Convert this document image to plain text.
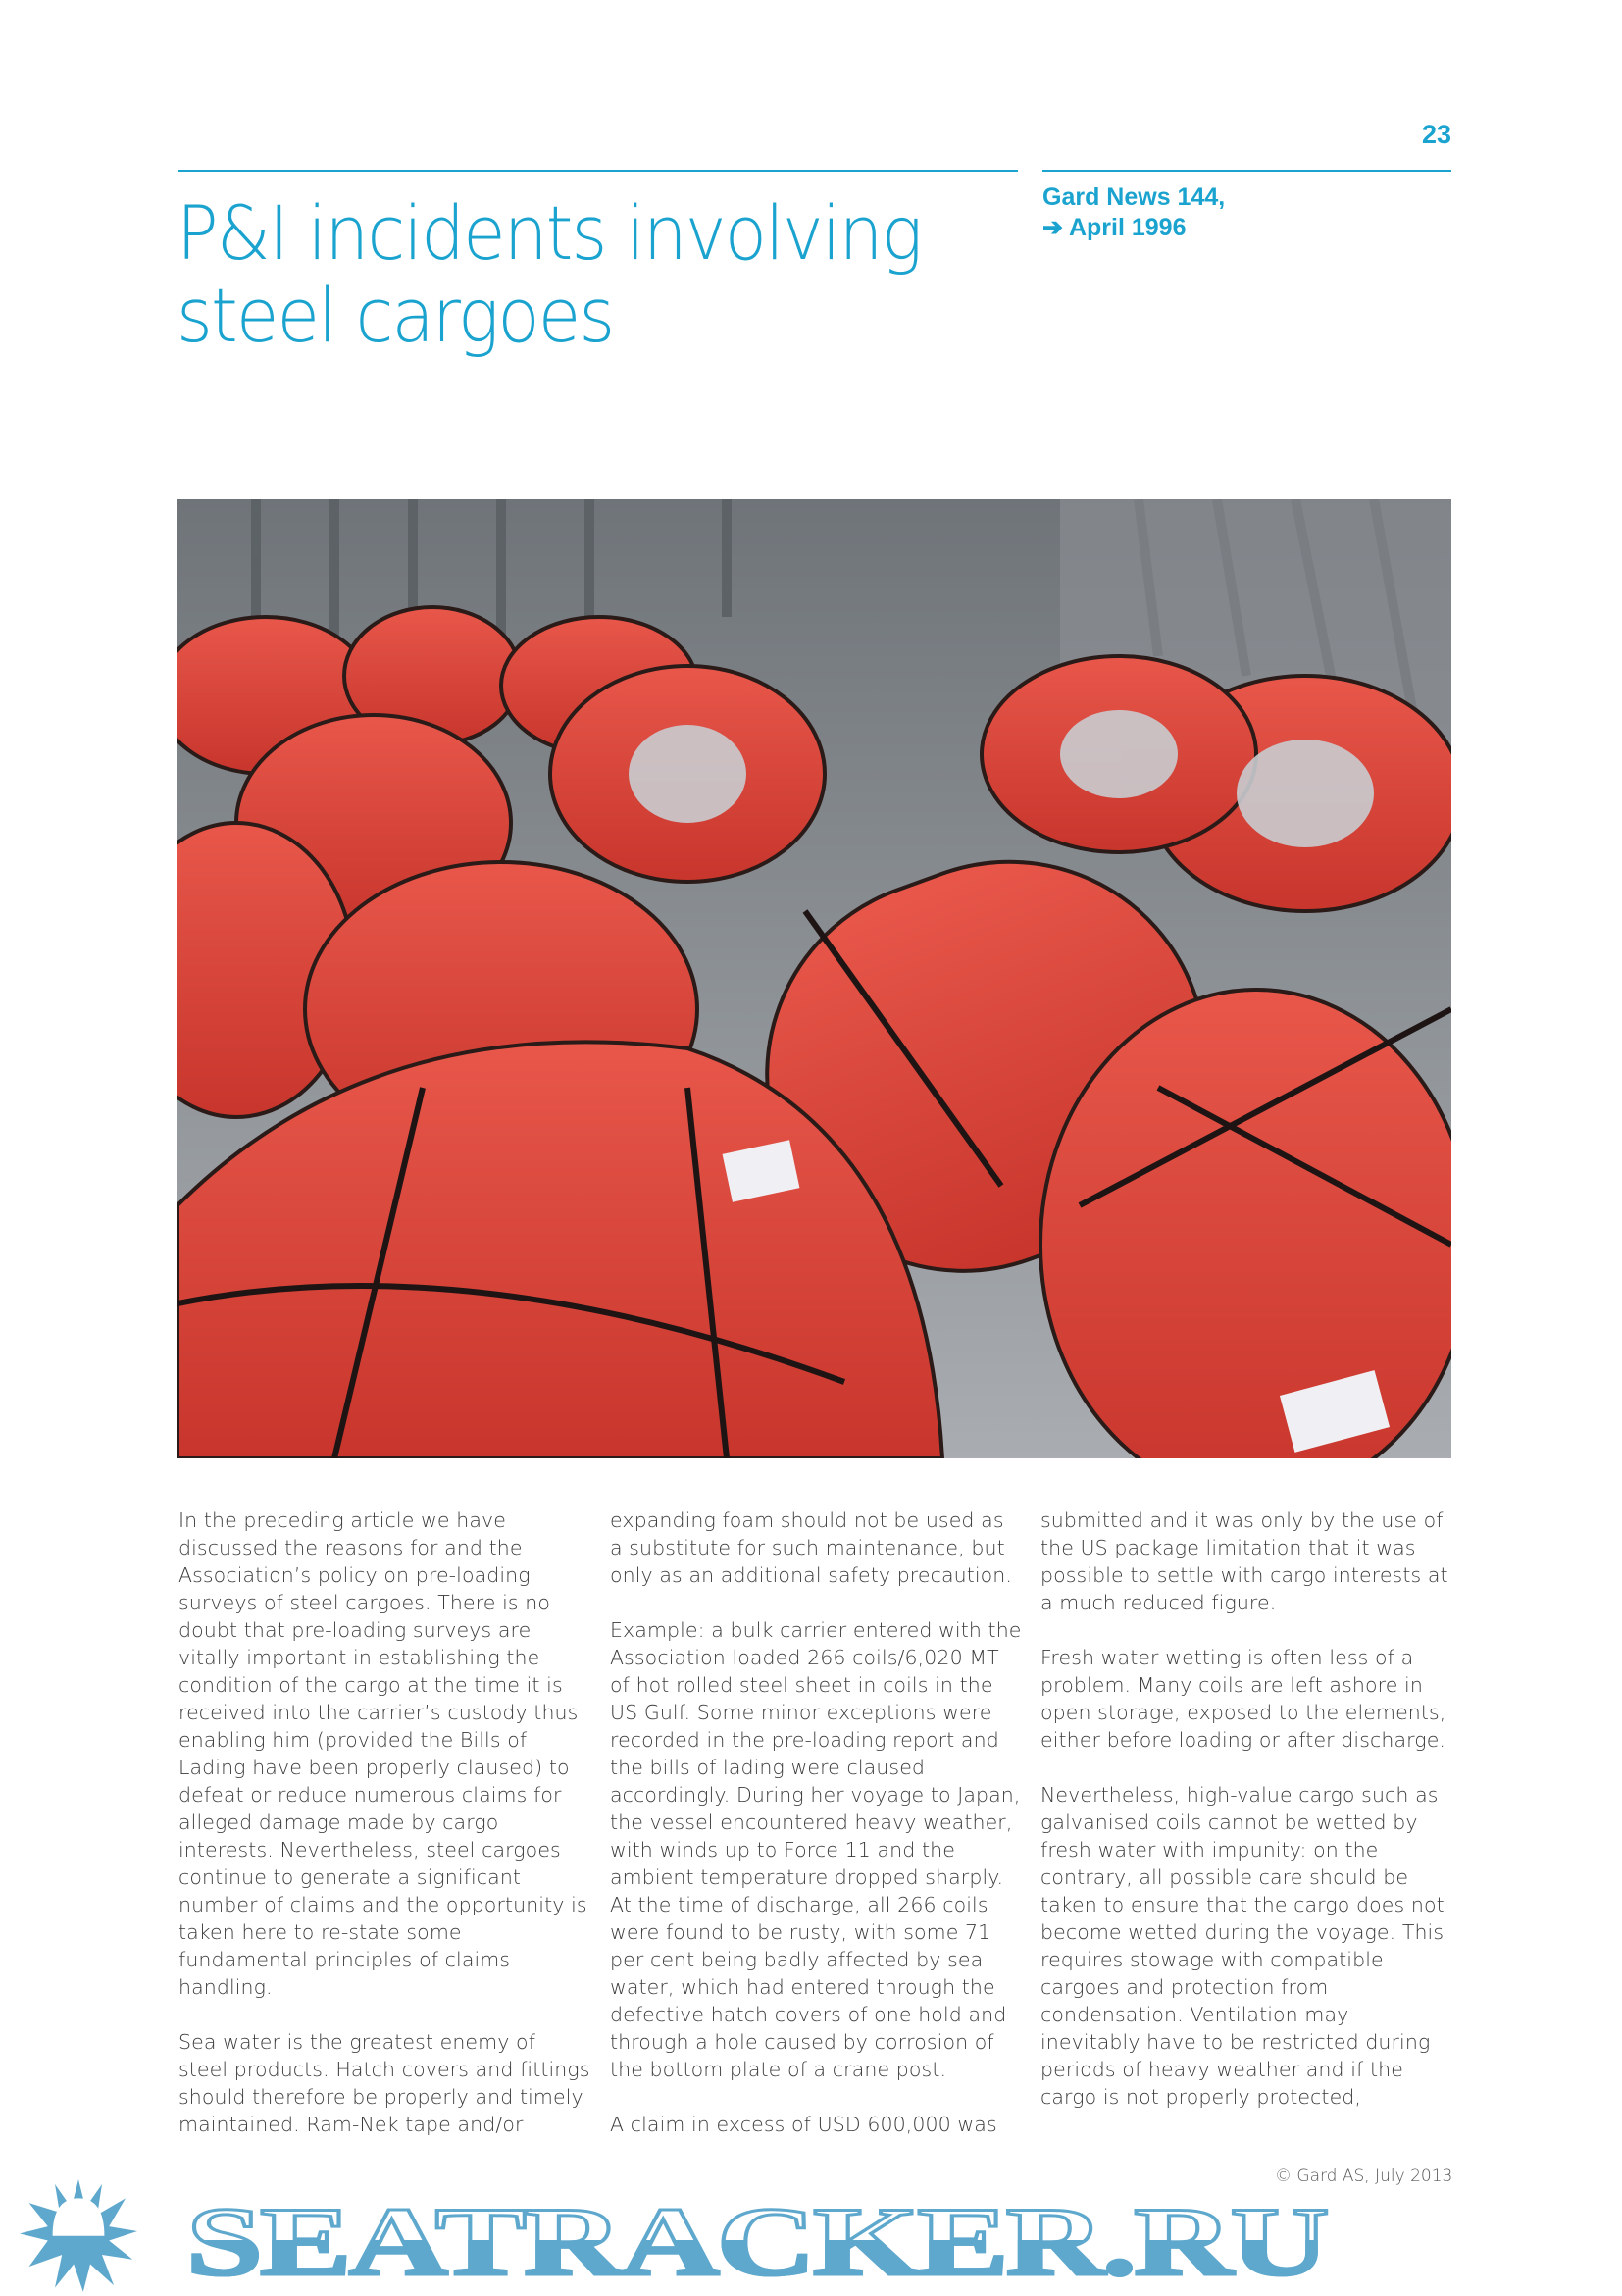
23
P&I incidents involving
steel cargoes
Gard News 144,
➔ April 1996

In the preceding article we have discussed the reasons for and the Association’s policy on pre-loading surveys of steel cargoes. There is no doubt that pre-loading surveys are vitally important in establishing the condition of the cargo at the time it is received into the carrier’s custody thus enabling him (provided the Bills of Lading have been properly claused) to defeat or reduce numerous claims for alleged damage made by cargo interests. Nevertheless, steel cargoes continue to generate a significant number of claims and the opportunity is taken here to re-state some fundamental principles of claims handling.

Sea water is the greatest enemy of steel products. Hatch covers and fittings should therefore be properly and timely maintained. Ram-Nek tape and/or

expanding foam should not be used as a substitute for such maintenance, but only as an additional safety precaution.

Example: a bulk carrier entered with the Association loaded 266 coils/6,020 MT of hot rolled steel sheet in coils in the US Gulf. Some minor exceptions were recorded in the pre-loading report and the bills of lading were claused accordingly. During her voyage to Japan, the vessel encountered heavy weather, with winds up to Force 11 and the ambient temperature dropped sharply. At the time of discharge, all 266 coils were found to be rusty, with some 71 per cent being badly affected by sea water, which had entered through the defective hatch covers of one hold and through a hole caused by corrosion of the bottom plate of a crane post.

A claim in excess of USD 600,000 was

submitted and it was only by the use of the US package limitation that it was possible to settle with cargo interests at a much reduced figure.

Fresh water wetting is often less of a problem. Many coils are left ashore in open storage, exposed to the elements, either before loading or after discharge.

Nevertheless, high-value cargo such as galvanised coils cannot be wetted by fresh water with impunity: on the contrary, all possible care should be taken to ensure that the cargo does not become wetted during the voyage. This requires stowage with compatible cargoes and protection from condensation. Ventilation may inevitably have to be restricted during periods of heavy weather and if the cargo is not properly protected,

SEATRACKER.RU
© Gard AS, July 2013
